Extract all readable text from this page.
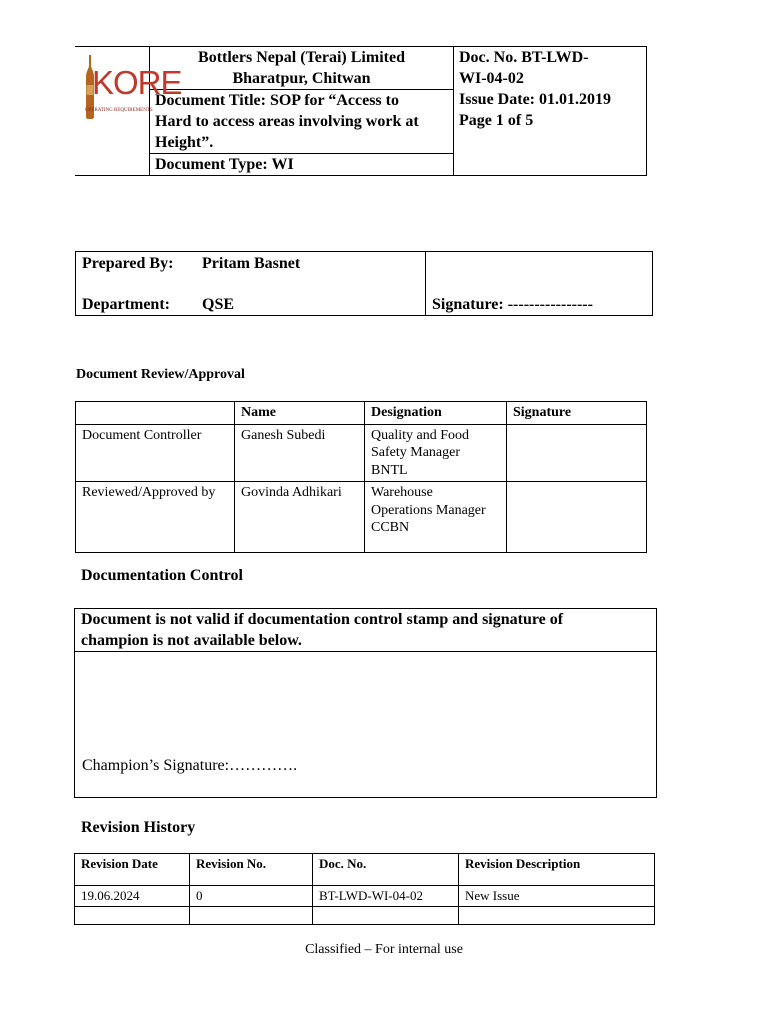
KORE
OPERATING REQUIREMENTS

Bottlers Nepal (Terai) Limited
Bharatpur, Chitwan

Doc. No. BT-LWD-
WI-04-02
Issue Date: 01.01.2019
Page 1 of 5

Document Title: SOP for “Access to
Hard to access areas involving work at
Height”.

Document Type: WI
Prepared By: Pritam Basnet
Department: QSE	Signature: ----------------
Document Review/Approval
	Name	Designation	Signature
Document Controller	Ganesh Subedi	Quality and Food
Safety Manager
BNTL	

Reviewed/Approved by	Govinda Adhikari	Warehouse
Operations Manager
CCBN	

Documentation Control
Document is not valid if documentation control stamp and signature of
champion is not available below.
Champion’s Signature:………….
Revision History
Revision Date	Revision No.	Doc. No.	Revision Description
19.06.2024	0	BT-LWD-WI-04-02	New Issue

Classified – For internal use
